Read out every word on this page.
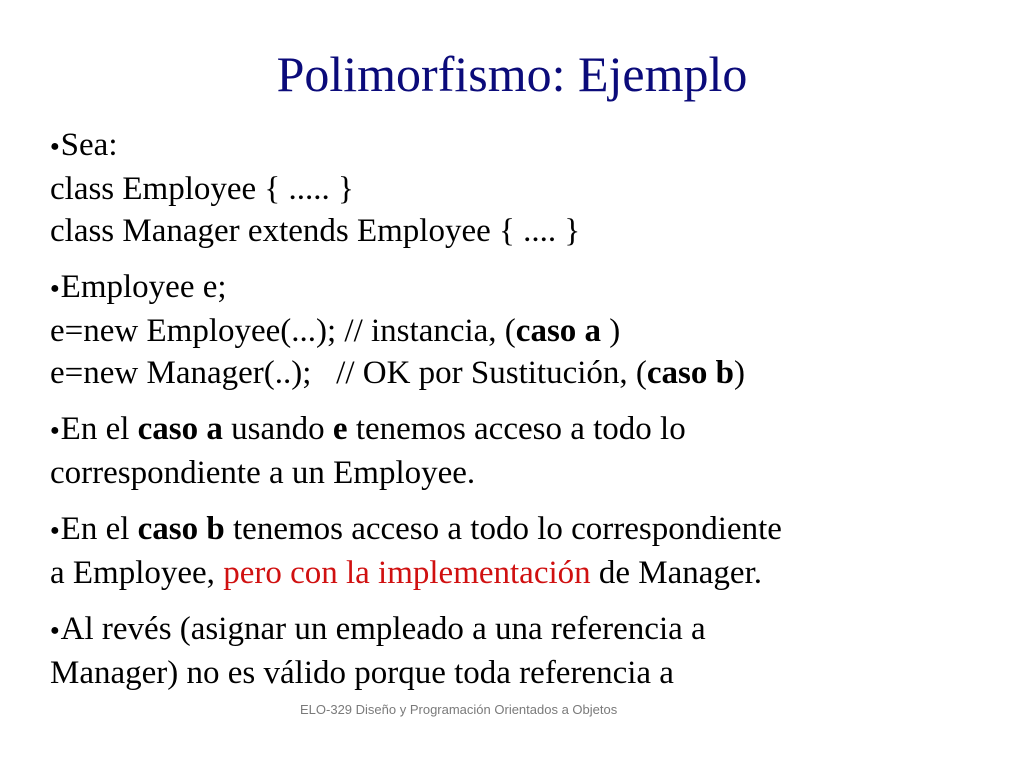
Polimorfismo: Ejemplo
●Sea:
class Employee { ..... }
class Manager extends Employee { .... }
●Employee e;
e=new Employee(...); // instancia, (caso a )
e=new Manager(..);   // OK por Sustitución, (caso b)
●En el caso a usando e tenemos acceso a todo lo
correspondiente a un Employee.
●En el caso b tenemos acceso a todo lo correspondiente
a Employee, pero con la implementación de Manager.
●Al revés (asignar un empleado a una referencia a
Manager) no es válido porque toda referencia a
ELO-329 Diseño y Programación Orientados a Objetos
